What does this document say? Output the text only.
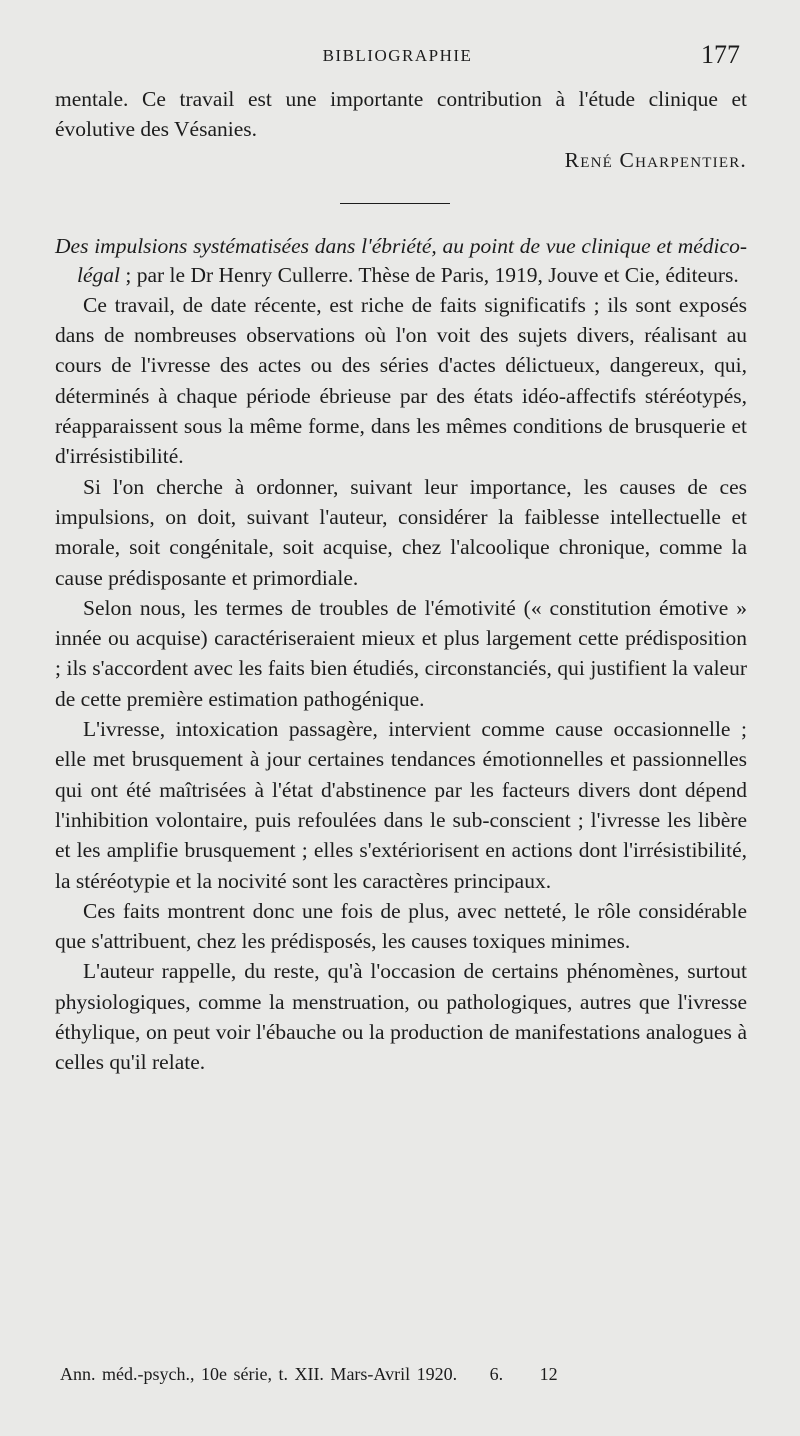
BIBLIOGRAPHIE	177

mentale. Ce travail est une importante contribution à l'étude clinique et évolutive des Vésanies.

René Charpentier.

Des impulsions systématisées dans l'ébriété, au point de vue clinique et médico-légal ; par le Dr Henry Cullerre. Thèse de Paris, 1919, Jouve et Cie, éditeurs.

Ce travail, de date récente, est riche de faits significatifs ; ils sont exposés dans de nombreuses observations où l'on voit des sujets divers, réalisant au cours de l'ivresse des actes ou des séries d'actes délictueux, dangereux, qui, déterminés à chaque période ébrieuse par des états idéo-affectifs stéréotypés, réapparaissent sous la même forme, dans les mêmes conditions de brusquerie et d'irrésistibilité.

Si l'on cherche à ordonner, suivant leur importance, les causes de ces impulsions, on doit, suivant l'auteur, considérer la faiblesse intellectuelle et morale, soit congénitale, soit acquise, chez l'alcoolique chronique, comme la cause prédisposante et primordiale.

Selon nous, les termes de troubles de l'émotivité (« constitution émotive » innée ou acquise) caractériseraient mieux et plus largement cette prédisposition ; ils s'accordent avec les faits bien étudiés, circonstanciés, qui justifient la valeur de cette première estimation pathogénique.

L'ivresse, intoxication passagère, intervient comme cause occasionnelle ; elle met brusquement à jour certaines tendances émotionnelles et passionnelles qui ont été maîtrisées à l'état d'abstinence par les facteurs divers dont dépend l'inhibition volontaire, puis refoulées dans le sub-conscient ; l'ivresse les libère et les amplifie brusquement ; elles s'extériorisent en actions dont l'irrésistibilité, la stéréotypie et la nocivité sont les caractères principaux.

Ces faits montrent donc une fois de plus, avec netteté, le rôle considérable que s'attribuent, chez les prédisposés, les causes toxiques minimes.

L'auteur rappelle, du reste, qu'à l'occasion de certains phénomènes, surtout physiologiques, comme la menstruation, ou pathologiques, autres que l'ivresse éthylique, on peut voir l'ébauche ou la production de manifestations analogues à celles qu'il relate.

Ann. méd.-psych., 10e série, t. XII. Mars-Avril 1920. 6. 12
